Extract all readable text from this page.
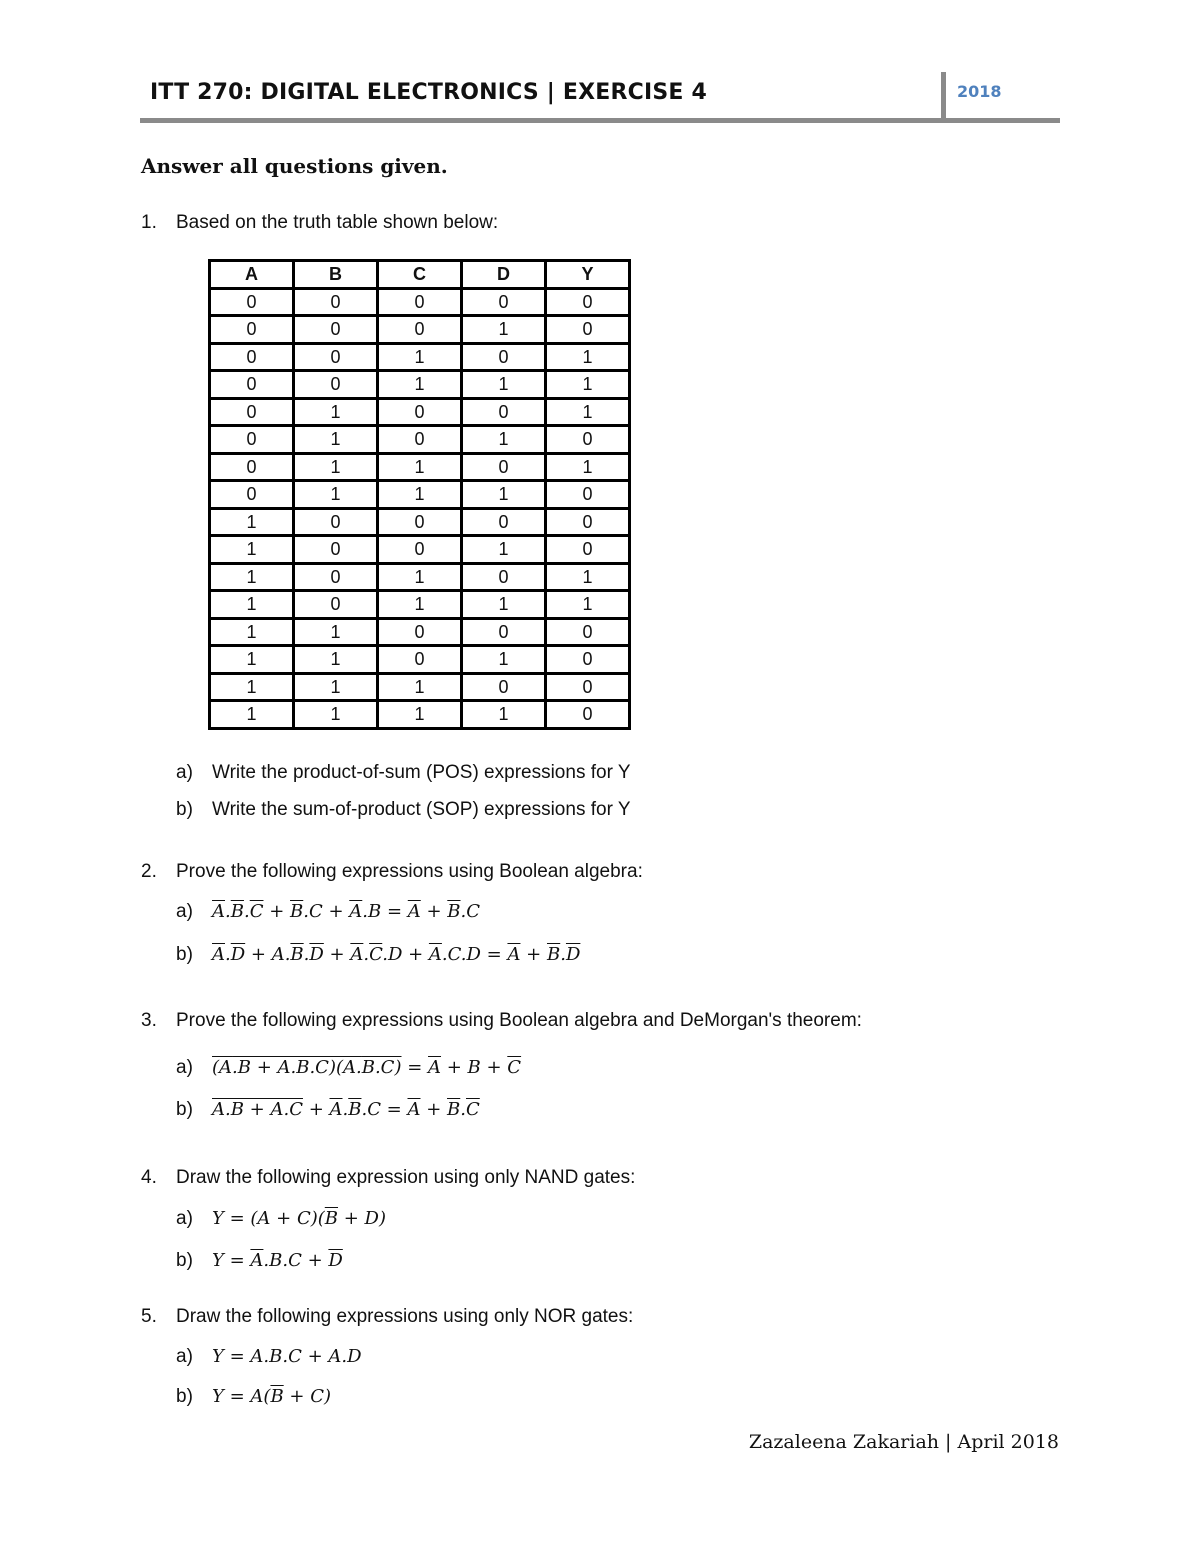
ITT 270: DIGITAL ELECTRONICS | EXERCISE 4	2018
Answer all questions given.
1. Based on the truth table shown below:
A	B	C	D	Y
0	0	0	0	0
0	0	0	1	0
0	0	1	0	1
0	0	1	1	1
0	1	0	0	1
0	1	0	1	0
0	1	1	0	1
0	1	1	1	0
1	0	0	0	0
1	0	0	1	0
1	0	1	0	1
1	0	1	1	1
1	1	0	0	0
1	1	0	1	0
1	1	1	0	0
1	1	1	1	0
a) Write the product-of-sum (POS) expressions for Y
b) Write the sum-of-product (SOP) expressions for Y
2. Prove the following expressions using Boolean algebra:
a) $\overline{A}.\overline{B}.\overline{C} + \overline{B}.C + \overline{A}.B = \overline{A} + \overline{B}.C$
b) $\overline{A}.\overline{D} + A.\overline{B}.\overline{D} + \overline{A}.\overline{C}.D + \overline{A}.C.D = \overline{A} + \overline{B}.\overline{D}$
3. Prove the following expressions using Boolean algebra and DeMorgan's theorem:
a) $(A.B + A.B.C)(A.B.C) = \overline{A} + B + \overline{C}$
b) $A.B + A.C + \overline{A}.\overline{B}.C = \overline{A} + \overline{B}.\overline{C}$
4. Draw the following expression using only NAND gates:
a) $Y = (A + C)(\overline{B} + D)$
b) $Y = \overline{A}.B.C + \overline{D}$
5. Draw the following expressions using only NOR gates:
a) Y = A.B.C + A.D
b) $Y = A(\overline{B} + C)$
Zazaleena Zakariah | April 2018
